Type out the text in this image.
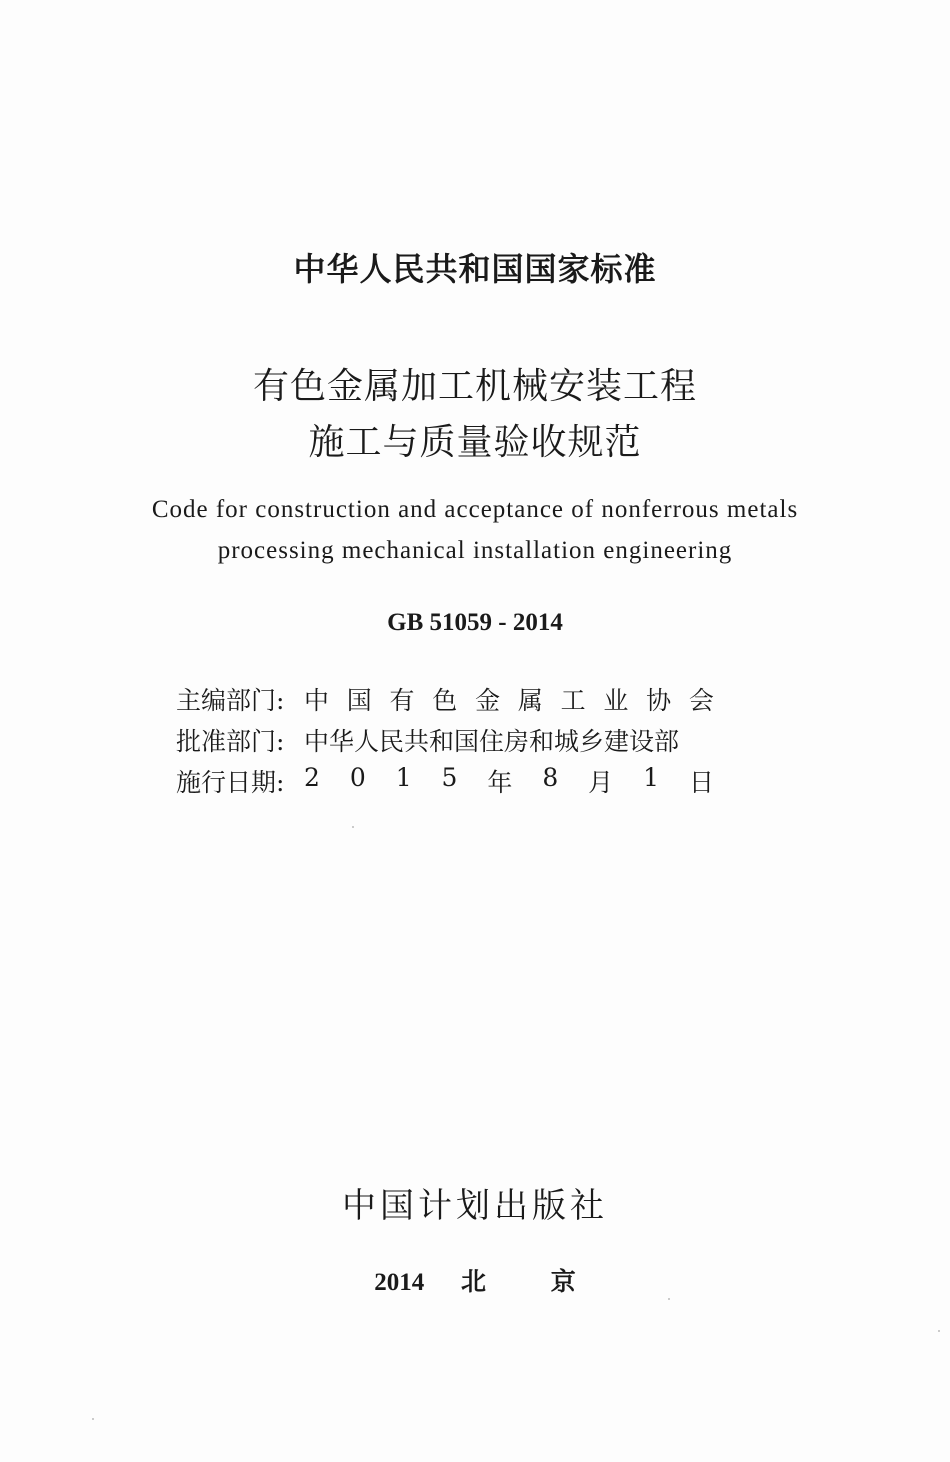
中华人民共和国国家标准
有色金属加工机械安装工程
施工与质量验收规范
Code for construction and acceptance of nonferrous metals
processing mechanical installation engineering
GB 51059 - 2014
主编部门: 中 国 有 色 金 属 工 业 协 会
批准部门: 中华人民共和国住房和城乡建设部
施行日期: 2 0 1 5 年 8 月 1 日
中国计划出版社
2014 北	京
